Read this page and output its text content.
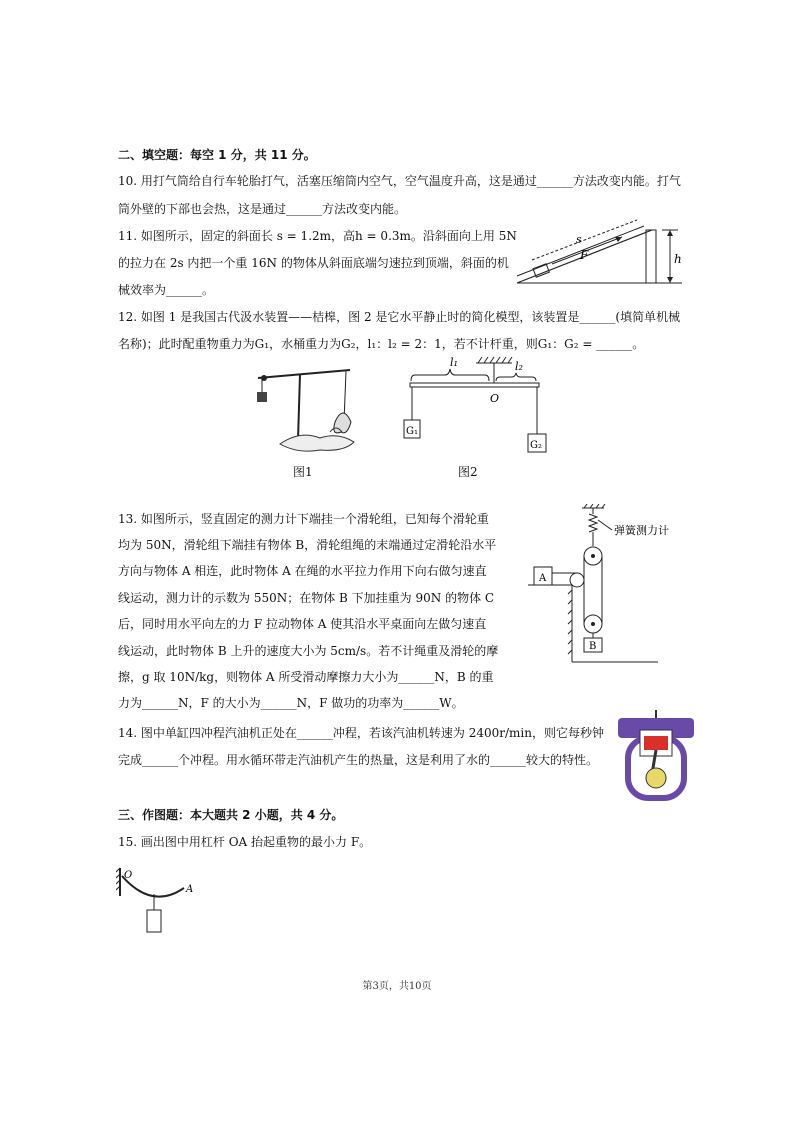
二、填空题：每空 1 分，共 11 分。
10. 用打气筒给自行车轮胎打气，活塞压缩筒内空气，空气温度升高，这是通过______方法改变内能。打气
筒外壁的下部也会热，这是通过______方法改变内能。
11. 如图所示，固定的斜面长 s = 1.2m，高h = 0.3m。沿斜面向上用 5N
的拉力在 2s 内把一个重 16N 的物体从斜面底端匀速拉到顶端，斜面的机
械效率为______。
s
F	h
12. 如图 1 是我国古代汲水装置——桔槔，图 2 是它水平静止时的简化模型，该装置是______(填简单机械
名称)；此时配重物重力为G₁，水桶重力为G₂，l₁：l₂ = 2：1，若不计杆重，则G₁：G₂ = ______。
图1
l₁	l₂
O
G₁
G₂
图2
13. 如图所示，竖直固定的测力计下端挂一个滑轮组，已知每个滑轮重
均为 50N，滑轮组下端挂有物体 B，滑轮组绳的末端通过定滑轮沿水平
方向与物体 A 相连，此时物体 A 在绳的水平拉力作用下向右做匀速直
线运动，测力计的示数为 550N；在物体 B 下加挂重为 90N 的物体 C
后，同时用水平向左的力 F 拉动物体 A 使其沿水平桌面向左做匀速直
线运动，此时物体 B 上升的速度大小为 5cm/s。若不计绳重及滑轮的摩
擦，g 取 10N/kg，则物体 A 所受滑动摩擦力大小为______N，B 的重
力为______N，F 的大小为______N，F 做功的功率为______W。
B
A
弹簧测力计
14. 图中单缸四冲程汽油机正处在______冲程，若该汽油机转速为 2400r/min，则它每秒钟
完成______个冲程。用水循环带走汽油机产生的热量，这是利用了水的______较大的特性。
三、作图题：本大题共 2 小题，共 4 分。
15. 画出图中用杠杆 OA 抬起重物的最小力 F。
O
A
第3页，共10页
